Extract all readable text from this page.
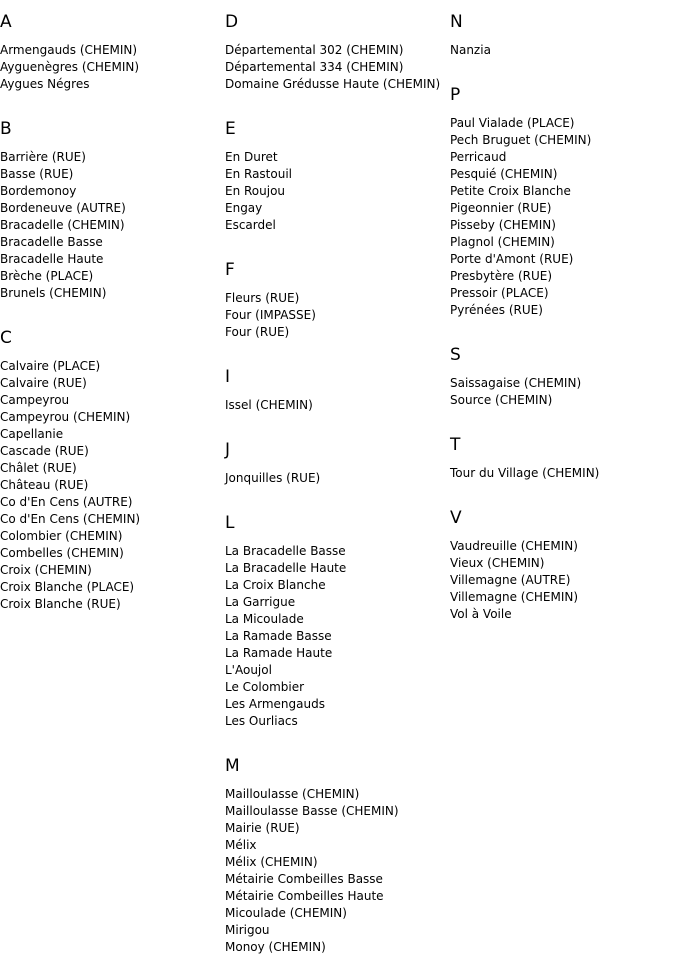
A
Armengauds (CHEMIN)
Ayguenègres (CHEMIN)
Aygues Négres
B
Barrière (RUE)
Basse (RUE)
Bordemonoy
Bordeneuve (AUTRE)
Bracadelle (CHEMIN)
Bracadelle Basse
Bracadelle Haute
Brèche (PLACE)
Brunels (CHEMIN)
C
Calvaire (PLACE)
Calvaire (RUE)
Campeyrou
Campeyrou (CHEMIN)
Capellanie
Cascade (RUE)
Châlet (RUE)
Château (RUE)
Co d'En Cens (AUTRE)
Co d'En Cens (CHEMIN)
Colombier (CHEMIN)
Combelles (CHEMIN)
Croix (CHEMIN)
Croix Blanche (PLACE)
Croix Blanche (RUE)
D
Départemental 302 (CHEMIN)
Départemental 334 (CHEMIN)
Domaine Grédusse Haute (CHEMIN)
E
En Duret
En Rastouil
En Roujou
Engay
Escardel
F
Fleurs (RUE)
Four (IMPASSE)
Four (RUE)
I
Issel (CHEMIN)
J
Jonquilles (RUE)
L
La Bracadelle Basse
La Bracadelle Haute
La Croix Blanche
La Garrigue
La Micoulade
La Ramade Basse
La Ramade Haute
L'Aoujol
Le Colombier
Les Armengauds
Les Ourliacs
M
Mailloulasse (CHEMIN)
Mailloulasse Basse (CHEMIN)
Mairie (RUE)
Mélix
Mélix (CHEMIN)
Métairie Combeilles Basse
Métairie Combeilles Haute
Micoulade (CHEMIN)
Mirigou
Monoy (CHEMIN)
N
Nanzia
P
Paul Vialade (PLACE)
Pech Bruguet (CHEMIN)
Perricaud
Pesquié (CHEMIN)
Petite Croix Blanche
Pigeonnier (RUE)
Pisseby (CHEMIN)
Plagnol (CHEMIN)
Porte d'Amont (RUE)
Presbytère (RUE)
Pressoir (PLACE)
Pyrénées (RUE)
S
Saissagaise (CHEMIN)
Source (CHEMIN)
T
Tour du Village (CHEMIN)
V
Vaudreuille (CHEMIN)
Vieux (CHEMIN)
Villemagne (AUTRE)
Villemagne (CHEMIN)
Vol à Voile
